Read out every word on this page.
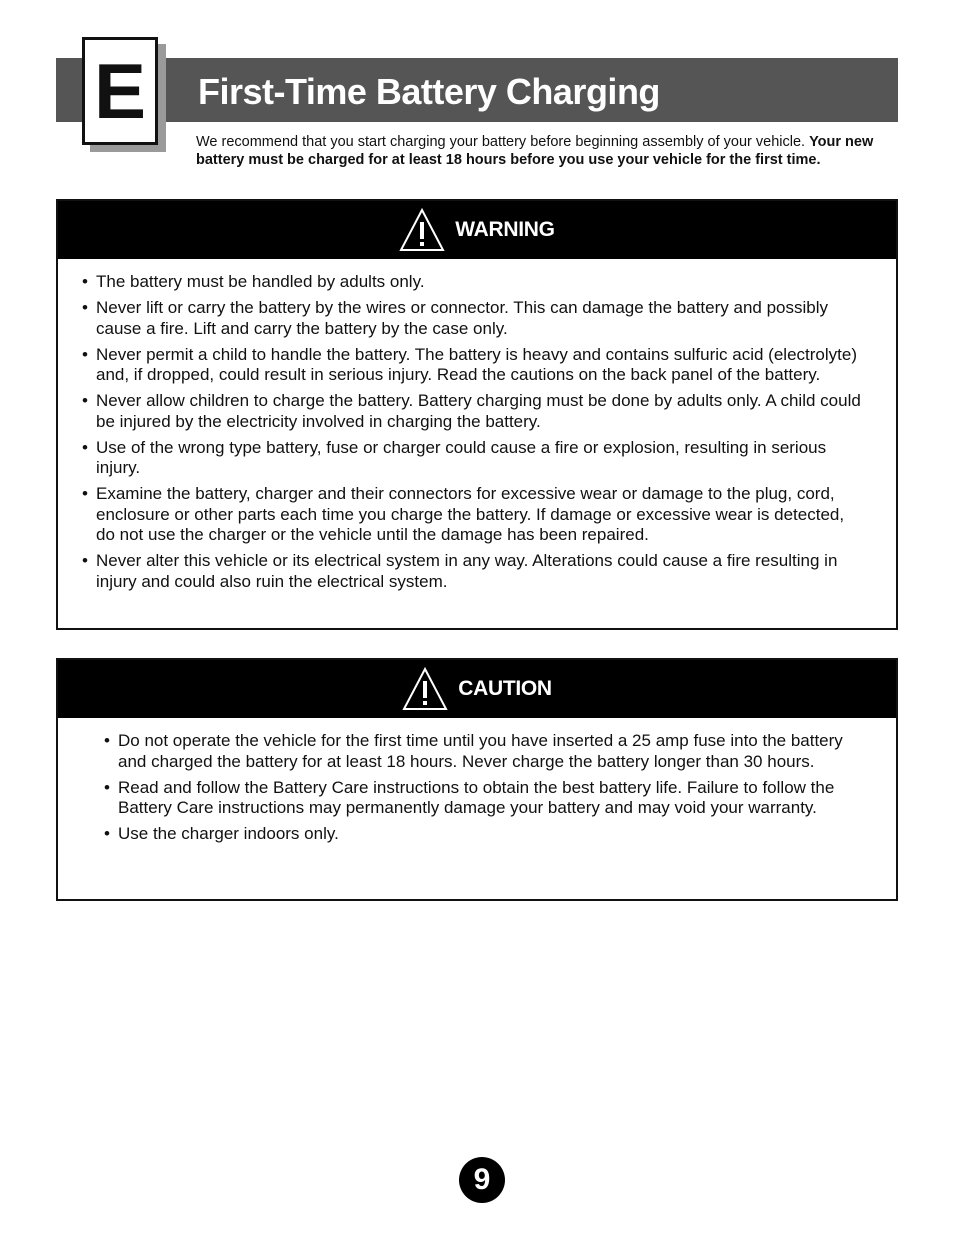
E First-Time Battery Charging

We recommend that you start charging your battery before beginning assembly of your vehicle. Your new battery must be charged for at least 18 hours before you use your vehicle for the first time.

WARNING
• The battery must be handled by adults only.
• Never lift or carry the battery by the wires or connector. This can damage the battery and possibly cause a fire. Lift and carry the battery by the case only.
• Never permit a child to handle the battery. The battery is heavy and contains sulfuric acid (electrolyte) and, if dropped, could result in serious injury. Read the cautions on the back panel of the battery.
• Never allow children to charge the battery. Battery charging must be done by adults only. A child could be injured by the electricity involved in charging the battery.
• Use of the wrong type battery, fuse or charger could cause a fire or explosion, resulting in serious injury.
• Examine the battery, charger and their connectors for excessive wear or damage to the plug, cord, enclosure or other parts each time you charge the battery. If damage or excessive wear is detected, do not use the charger or the vehicle until the damage has been repaired.
• Never alter this vehicle or its electrical system in any way. Alterations could cause a fire resulting in injury and could also ruin the electrical system.
CAUTION
• Do not operate the vehicle for the first time until you have inserted a 25 amp fuse into the battery and charged the battery for at least 18 hours. Never charge the battery longer than 30 hours.
• Read and follow the Battery Care instructions to obtain the best battery life. Failure to follow the Battery Care instructions may permanently damage your battery and may void your warranty.
• Use the charger indoors only.
9
